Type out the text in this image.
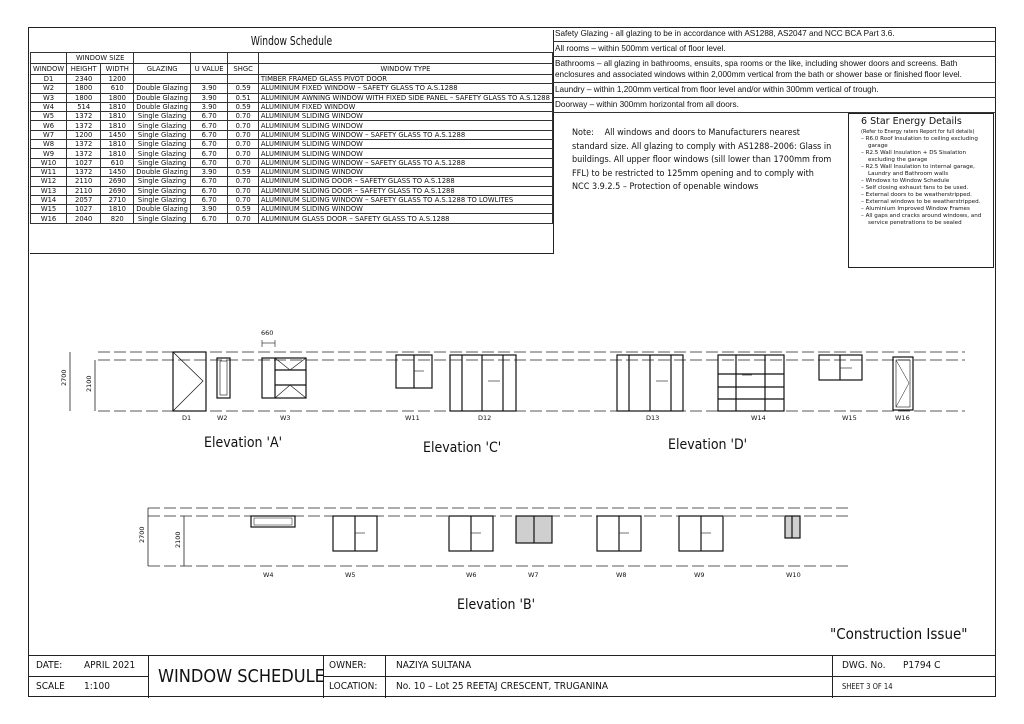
Window Schedule
	WINDOW SIZE					
WINDOW	HEIGHT	WIDTH	GLAZING	U VALUE	SHGC	WINDOW TYPE
D1	2340	1200				TIMBER FRAMED GLASS PIVOT DOOR
W2	1800	610	Double Glazing	3.90	0.59	ALUMINIUM FIXED WINDOW – SAFETY GLASS TO A.S.1288
W3	1800	1800	Double Glazing	3.90	0.51	ALUMINIUM AWNING WINDOW WITH FIXED SIDE PANEL – SAFETY GLASS TO A.S.1288
W4	514	1810	Double Glazing	3.90	0.59	ALUMINIUM FIXED WINDOW
W5	1372	1810	Single Glazing	6.70	0.70	ALUMINIUM SLIDING WINDOW
W6	1372	1810	Single Glazing	6.70	0.70	ALUMINIUM SLIDING WINDOW
W7	1200	1450	Single Glazing	6.70	0.70	ALUMINIUM SLIDING WINDOW – SAFETY GLASS TO A.S.1288
W8	1372	1810	Single Glazing	6.70	0.70	ALUMINIUM SLIDING WINDOW
W9	1372	1810	Single Glazing	6.70	0.70	ALUMINIUM SLIDING WINDOW
W10	1027	610	Single Glazing	6.70	0.70	ALUMINIUM SLIDING WINDOW – SAFETY GLASS TO A.S.1288
W11	1372	1450	Double Glazing	3.90	0.59	ALUMINIUM SLIDING WINDOW
W12	2110	2690	Single Glazing	6.70	0.70	ALUMINIUM SLIDING DOOR – SAFETY GLASS TO A.S.1288
W13	2110	2690	Single Glazing	6.70	0.70	ALUMINIUM SLIDING DOOR – SAFETY GLASS TO A.S.1288
W14	2057	2710	Single Glazing	6.70	0.70	ALUMINIUM SLIDING WINDOW – SAFETY GLASS TO A.S.1288 TO LOWLITES
W15	1027	1810	Double Glazing	3.90	0.59	ALUMINIUM SLIDING WINDOW
W16	2040	820	Single Glazing	6.70	0.70	ALUMINIUM GLASS DOOR – SAFETY GLASS TO A.S.1288
Safety Glazing - all glazing to be in accordance with AS1288, AS2047 and NCC BCA Part 3.6.
All rooms – within 500mm vertical of floor level.
Bathrooms – all glazing in bathrooms, ensuits, spa rooms or the like, including shower doors and screens. Bath enclosures and associated windows within 2,000mm vertical from the bath or shower base or finished floor level.
Laundry – within 1,200mm vertical from floor level and/or within 300mm vertical of trough.
Doorway – within 300mm horizontal from all doors.
Note: All windows and doors to Manufacturers nearest standard size. All glazing to comply with AS1288–2006: Glass in buildings. All upper floor windows (sill lower than 1700mm from FFL) to be restricted to 125mm opening and to comply with NCC 3.9.2.5 – Protection of openable windows
6 Star Energy Details
(Refer to Energy raters Report for full details)
– R6.0 Roof Insulation to ceiling excluding garage
– R2.5 Wall Insulation + DS Sisalation excluding the garage
– R2.5 Wall Insulation to internal garage, Laundry and Bathroom walls
– Windows to Window Schedule
– Self closing exhaust fans to be used.
– External doors to be weatherstripped.
– External windows to be weatherstripped.
– Aluminium Improved Window Frames
– All gaps and cracks around windows, and service penetrations to be sealed
2700	2100
2700	2100
660
D1	W2	W3	W11	D12	D13	W14	W15	W16
W4	W5	W6	W7	W8	W9	W10
Elevation 'A'	Elevation 'C'	Elevation 'D'
Elevation 'B'
"Construction Issue"
DATE: APRIL 2021
SCALE 1:100	WINDOW SCHEDULE
OWNER:	NAZIYA SULTANA
LOCATION: No. 10 – Lot 25 REETAJ CRESCENT, TRUGANINA
DWG. No. P1794 C
SHEET 3 OF 14
